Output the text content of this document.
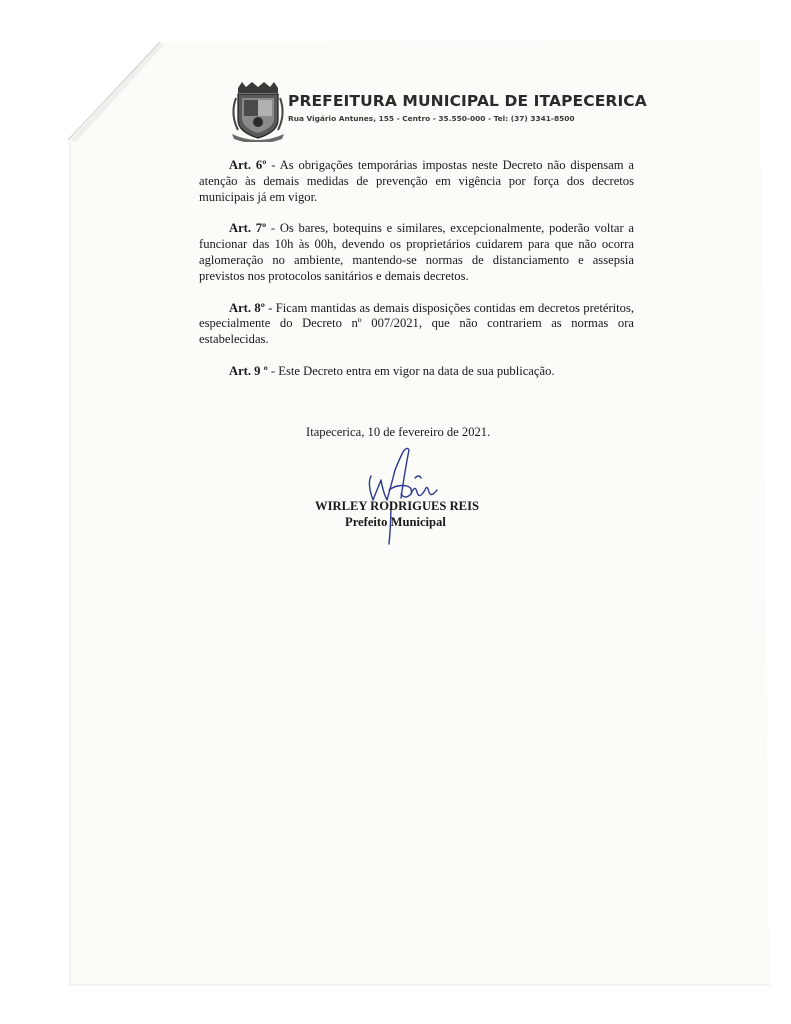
PREFEITURA MUNICIPAL DE ITAPECERICA
Rua Vigário Antunes, 155 - Centro - 35.550-000 - Tel: (37) 3341-8500

Art. 6º - As obrigações temporárias impostas neste Decreto não dispensam a atenção às demais medidas de prevenção em vigência por força dos decretos municipais já em vigor.

Art. 7º - Os bares, botequins e similares, excepcionalmente, poderão voltar a funcionar das 10h às 00h, devendo os proprietários cuidarem para que não ocorra aglomeração no ambiente, mantendo-se normas de distanciamento e assepsia previstos nos protocolos sanitários e demais decretos.

Art. 8º - Ficam mantidas as demais disposições contidas em decretos pretéritos, especialmente do Decreto nº 007/2021, que não contrariem as normas ora estabelecidas.

Art. 9 º - Este Decreto entra em vigor na data de sua publicação.

Itapecerica, 10 de fevereiro de 2021.
WIRLEY RODRIGUES REIS
Prefeito Municipal
